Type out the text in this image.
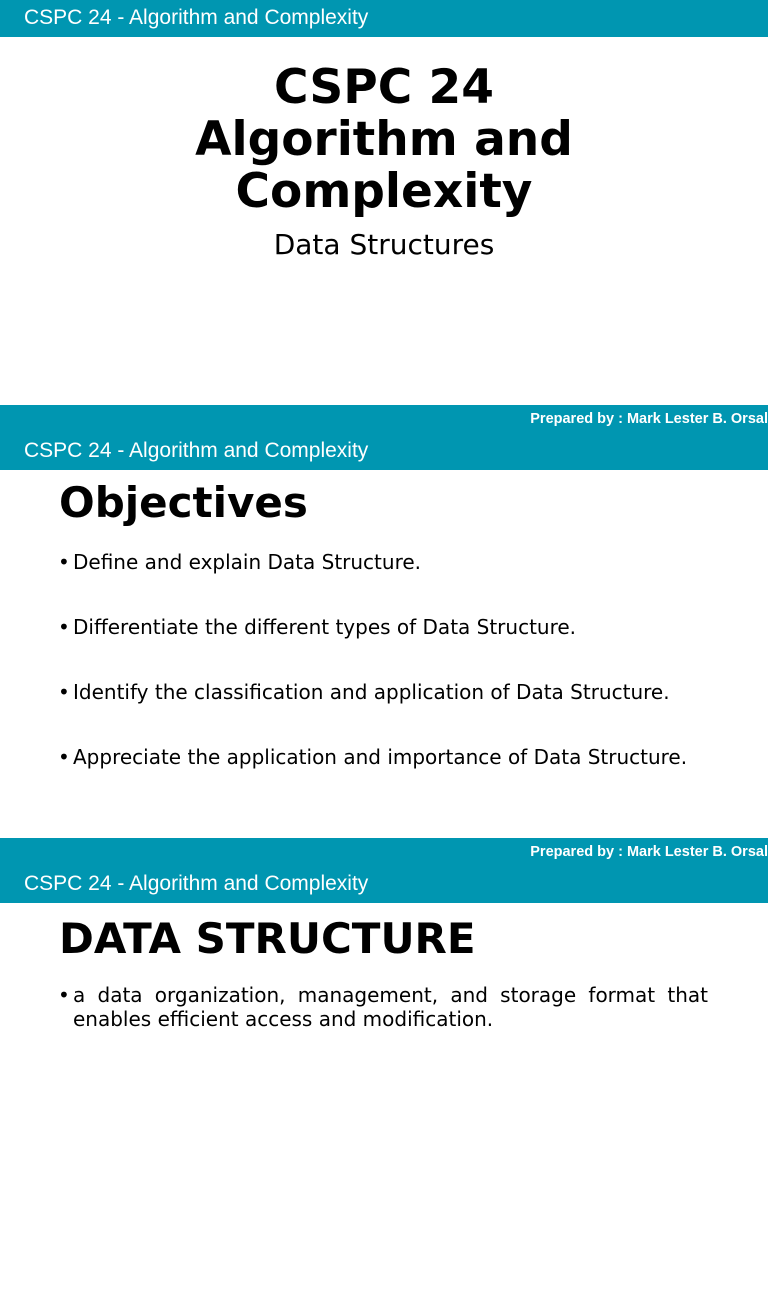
CSPC 24 - Algorithm and Complexity
CSPC 24
Algorithm and
Complexity
Data Structures
Prepared by : Mark Lester B. Orsal
CSPC 24 - Algorithm and Complexity
Objectives
• Define and explain Data Structure.
• Differentiate the different types of Data Structure.
• Identify the classification and application of Data Structure.
• Appreciate the application and importance of Data Structure.
Prepared by : Mark Lester B. Orsal
CSPC 24 - Algorithm and Complexity
DATA STRUCTURE
• a data organization, management, and storage format that enables efficient access and modification.
